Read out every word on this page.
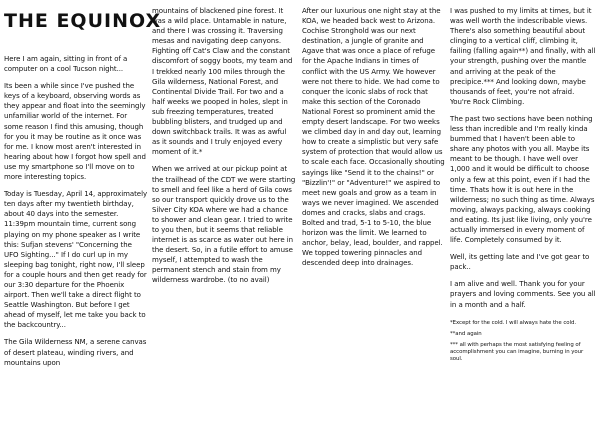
THE EQUINOX

Here I am again, sitting in front of a computer on a cool Tucson night...

Its been a while since I've pushed the keys of a keyboard, observing words as they appear and float into the seemingly unfamiliar world of the internet. For some reason I find this amusing, though for you it may be routine as it once was for me. I know most aren't interested in hearing about how I forgot how spell and use my smartphone so I'll move on to more interesting topics.

Today is Tuesday, April 14, approximately ten days after my twentieth birthday, about 40 days into the semester. 11:39pm mountain time, current song playing on my phone speaker as I write this: Sufjan stevens' "Concerning the UFO Sighting..." If I do curl up in my sleeping bag tonight, right now, I'll sleep for a couple hours and then get ready for our 3:30 departure for the Phoenix airport. Then we'll take a direct flight to Seattle Washington. But before I get ahead of myself, let me take you back to the backcountry...

The Gila Wilderness NM, a serene canvas of desert plateau, winding rivers, and mountains upon

mountains of blackened pine forest. It was a wild place. Untamable in nature, and there I was crossing it. Traversing mesas and navigating deep canyons. Fighting off Cat's Claw and the constant discomfort of soggy boots, my team and I trekked nearly 100 miles through the Gila wilderness, National Forest, and Continental Divide Trail. For two and a half weeks we pooped in holes, slept in sub freezing temperatures, treated bubbling blisters, and trudged up and down switchback trails. It was as awful as it sounds and I truly enjoyed every moment of it.*

When we arrived at our pickup point at the trailhead of the CDT we were starting to smell and feel like a herd of Gila cows so our transport quickly drove us to the Silver City KOA where we had a chance to shower and clean gear. I tried to write to you then, but it seems that reliable internet is as scarce as water out here in the desert. So, in a futile effort to amuse myself, I attempted to wash the permanent stench and stain from my wilderness wardrobe. (to no avail)

After our luxurious one night stay at the KOA, we headed back west to Arizona. Cochise Stronghold was our next destination, a jungle of granite and Agave that was once a place of refuge for the Apache Indians in times of conflict with the US Army. We however were not there to hide. We had come to conquer the iconic slabs of rock that make this section of the Coronado National Forest so prominent amid the empty desert landscape. For two weeks we climbed day in and day out, learning how to create a simplistic but very safe system of protection that would allow us to scale each face. Occasionally shouting sayings like "Send it to the chains!" or "Bizzlin'!" or "Adventure!" we aspired to meet new goals and grow as a team in ways we never imagined. We ascended domes and cracks, slabs and crags. Bolted and trad, 5-1 to 5-10, the blue horizon was the limit. We learned to anchor, belay, lead, boulder, and rappel. We topped towering pinnacles and descended deep into drainages.

I was pushed to my limits at times, but it was well worth the indescribable views. There's also something beautiful about clinging to a vertical cliff, climbing it, failing (falling again**) and finally, with all your strength, pushing over the mantle and arriving at the peak of the precipice.*** And looking down, maybe thousands of feet, you're not afraid. You're Rock Climbing.

The past two sections have been nothing less than incredible and I'm really kinda bummed that I haven't been able to share any photos with you all. Maybe its meant to be though. I have well over 1,000 and it would be difficult to choose only a few at this point, even if I had the time. Thats how it is out here in the wilderness; no such thing as time. Always moving, always packing, always cooking and eating. Its just like living, only you're actually immersed in every moment of life. Completely consumed by it.

Well, its getting late and I've got gear to pack..

I am alive and well. Thank you for your prayers and loving comments. See you all in a month and a half.

*Except for the cold. I will always hate the cold.

**and again

*** all with perhaps the most satisfying feeling of accomplishment you can imagine, burning in your soul.
